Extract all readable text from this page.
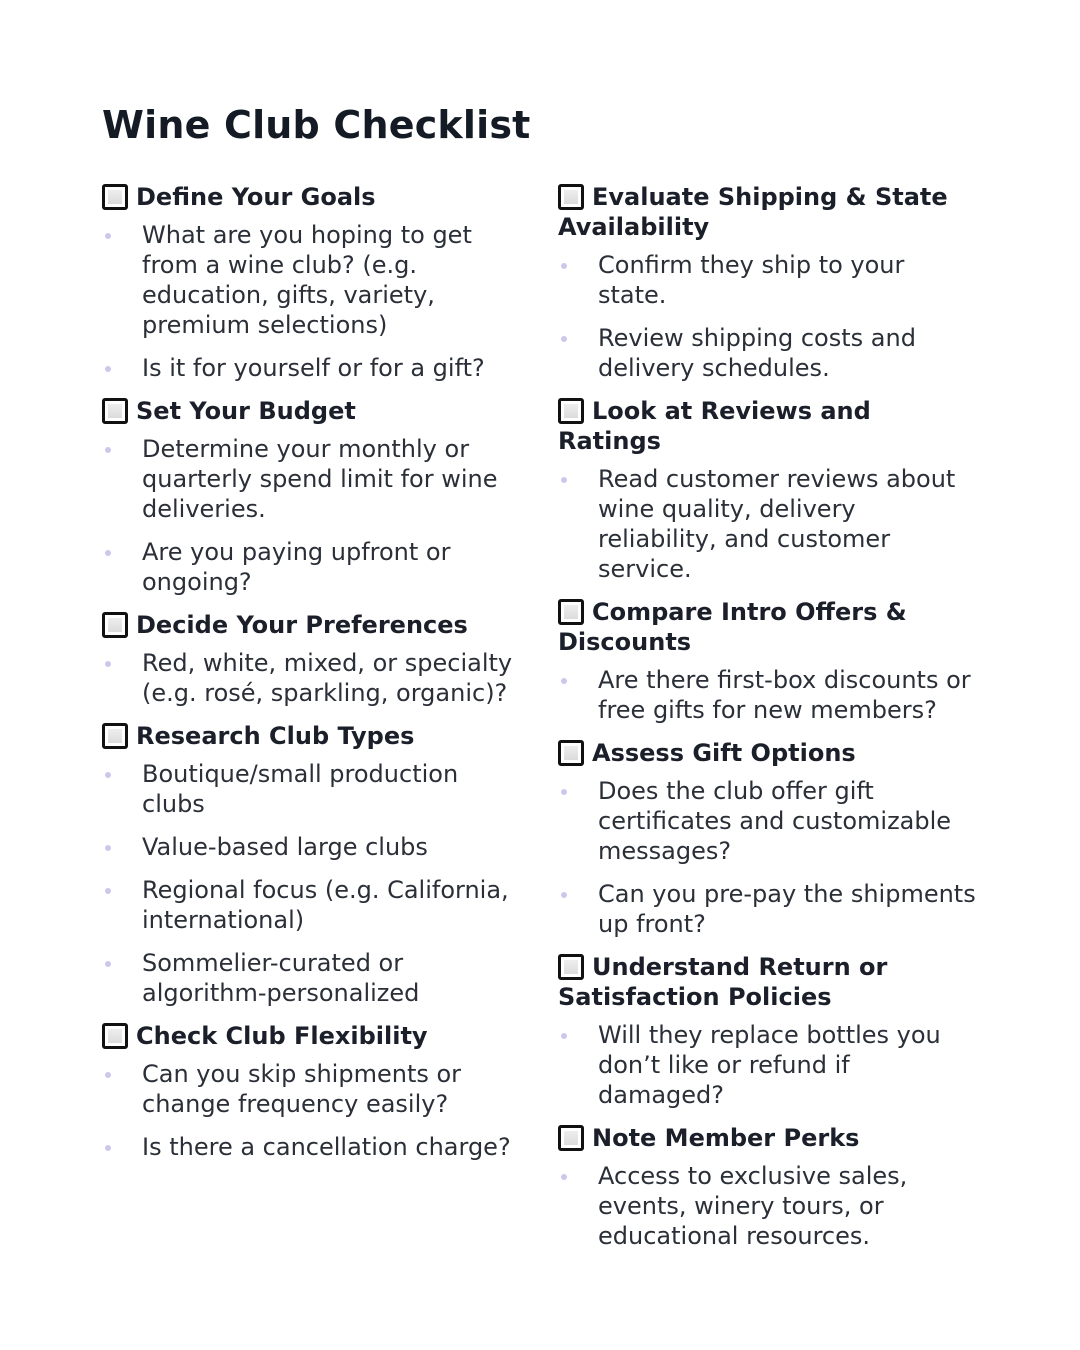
Wine Club Checklist
Define Your Goals
What are you hoping to get from a wine club? (e.g. education, gifts, variety, premium selections)
Is it for yourself or for a gift?
Set Your Budget
Determine your monthly or quarterly spend limit for wine deliveries.
Are you paying upfront or ongoing?
Decide Your Preferences
Red, white, mixed, or specialty (e.g. rosé, sparkling, organic)?
Research Club Types
Boutique/small production clubs
Value-based large clubs
Regional focus (e.g. California, international)
Sommelier-curated or algorithm-personalized
Check Club Flexibility
Can you skip shipments or change frequency easily?
Is there a cancellation charge?
Evaluate Shipping & State Availability
Confirm they ship to your state.
Review shipping costs and delivery schedules.
Look at Reviews and Ratings
Read customer reviews about wine quality, delivery reliability, and customer service.
Compare Intro Offers & Discounts
Are there first-box discounts or free gifts for new members?
Assess Gift Options
Does the club offer gift certificates and customizable messages?
Can you pre-pay the shipments up front?
Understand Return or Satisfaction Policies
Will they replace bottles you don’t like or refund if damaged?
Note Member Perks
Access to exclusive sales, events, winery tours, or educational resources.
